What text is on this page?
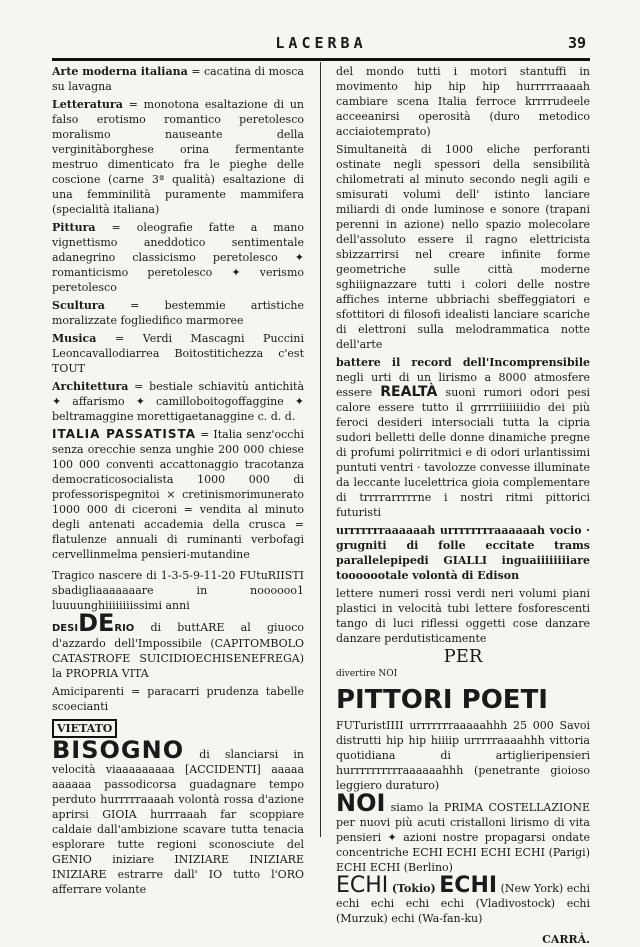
LACERBA	39

Arte moderna italiana = cacatina di mosca su lavagna

Letteratura = monotona esaltazione di un falso erotismo romantico peretolesco moralismo nauseante della verginitàborghese orina fermentante mestruo dimenticato fra le pieghe delle coscione (carne 3ª qualità) esaltazione di una femminilità puramente mammifera (specialità italiana)

Pittura = oleografie fatte a mano vignettismo aneddotico sentimentale adanegrino classicismo peretolesco ✦ romanticismo peretolesco ✦ verismo peretolesco

Scultura = bestemmie artistiche moralizzate fogliedifico marmoree

Musica = Verdi Mascagni Puccini Leoncavallodiarrea Boitostitichezza c'est TOUT

Architettura = bestiale schiavitù antichità ✦ affarismo ✦ camilloboitogoffaggine ✦ beltramaggine morettigaetanaggine c. d. d.

ITALIA PASSATISTA = Italia senz'occhi senza orecchie senza unghie 200 000 chiese 100 000 conventi accattonaggio tracotanza democraticosocialista 1000 000 di professorispegnitoi × cretinismorimunerato 1000 000 di ciceroni = vendita al minuto degli antenati accademia della crusca = flatulenze annuali di ruminanti verbofagi cervellinmelma pensieri-mutandine

Tragico nascere di 1-3-5-9-11-20 FUtuRIISTI sbadigliaaaaaaare in noooooo1 luuuunghiiiiiiiissimi anni

DESIDERIO di buttARE al giuoco d'azzardo dell'Impossibile (CAPITOMBOLO CATASTROFE SUICIDIOECHISENEFREGA) la PROPRIA VITA

Amiciparenti = paracarri prudenza tabelle scoecianti

VIETATO

BISOGNO di slanciarsi in velocità viaaaaaaaaa [ACCIDENTI] aaaaa aaaaaa passodicorsa guadagnare tempo perduto hurrrrraaaah volontà rossa d'azione aprirsi GIOIA hurrraaah far scoppiare caldaie dall'ambizione scavare tutta tenacia esplorare tutte regioni sconosciute del GENIO iniziare INIZIARE INIZIARE INIZIARE estrarre dall' IO tutto l'ORO afferrare volante

del mondo tutti i motori stantuffi in movimento hip hip hip hurrrrraaaah cambiare scena Italia ferroce krrrrudeele acceeanirsi operosità (duro metodico acciaiotemprato)

Simultaneità di 1000 eliche perforanti ostinate negli spessori della sensibilità chilometrati al minuto secondo negli agili e smisurati volumi dell' istinto lanciare miliardi di onde luminose e sonore (trapani perenni in azione) nello spazio molecolare dell'assoluto essere il ragno elettricista sbizzarrirsi nel creare infinite forme geometriche sulle città moderne sghiiignazzare tutti i colori delle nostre affiches interne ubbriachi sbeffeggiatori e sfottitori di filosofi idealisti lanciare scariche di elettroni sulla melodrammatica notte dell'arte

battere il record dell'Incomprensibile negli urti di un lirismo a 8000 atmosfere essere REALTÀ suoni rumori odori pesi calore essere tutto il grrrriiiiiiidio dei più feroci desideri intersociali tutta la cipria sudori belletti delle donne dinamiche pregne di profumi polirritmici e di odori urlantissimi puntuti ventri · tavolozze convesse illuminate da leccante lucelettrica gioia complementare di trrrrarrrrrne i nostri ritmi pittorici futuristi

urrrrrrraaaaaah urrrrrrrraaaaaah vocio · grugniti di folle eccitate trams parallelepipedi GIALLI inguaiiiiiiiiare tooooootale volontà di Edison

lettere numeri rossi verdi neri volumi piani plastici in velocità tubi lettere fosforescenti tango di luci riflessi oggetti cose danzare danzare perdutisticamente

PER

divertire NOI

PITTORI POETI

FUTuristIIII urrrrrrraaaaahhh 25 000 Savoi distrutti hip hip hiiiip urrrrraaaahhh vittoria quotidiana di artiglieripensieri hurrrrrrrrrraaaaaahhh (penetrante gioioso leggiero duraturo)

NOI siamo la PRIMA COSTELLAZIONE per nuovi più acuti cristalloni lirismo di vita pensieri ✦ azioni nostre propagarsi ondate concentriche ECHI ECHI ECHI ECHI (Parigi) ECHI ECHI (Berlino)

ECHI (Tokio) ECHI (New York) echi echi echi echi echi (Vladivostock) echi (Murzuk) echi (Wa-fan-ku)

CARRÀ.
